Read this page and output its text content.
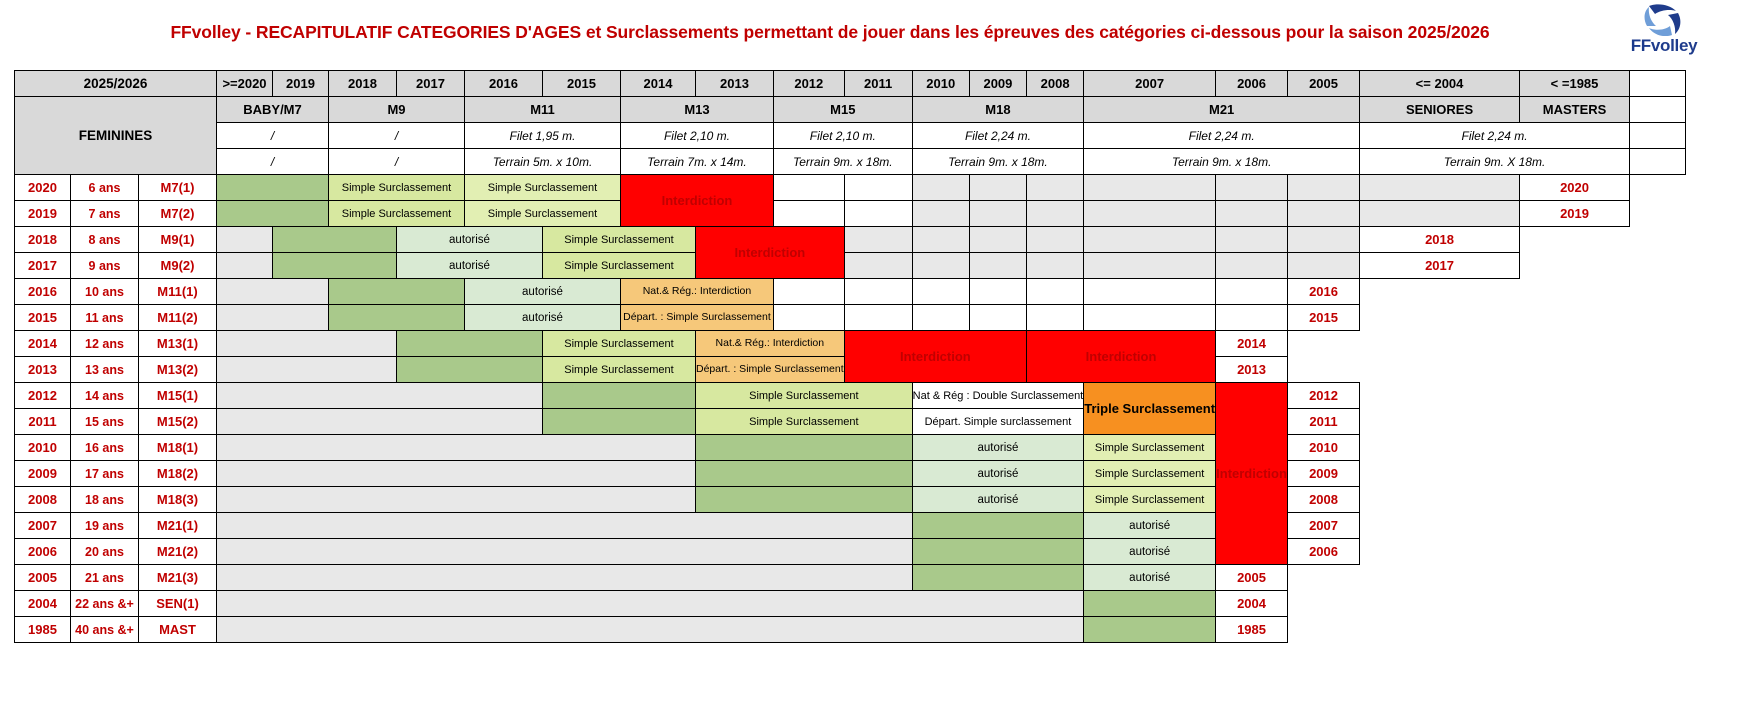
FFvolley - RECAPITULATIF CATEGORIES D'AGES et Surclassements permettant de jouer dans les épreuves des catégories ci-dessous pour la saison 2025/2026
FFvolley
2025/2026			>=2020	2019	2018	2017	2016	2015	2014	2013	2012	2011	2010	2009	2008	2007	2006	2005	<= 2004	< =1985	
FEMININES			BABY/M7		M9		M11		M13		M15		M18			M21			SENIORES	MASTERS	
			/		/		Filet 1,95 m.		Filet 2,10 m.		Filet 2,10 m.		Filet 2,24 m.			Filet 2,24 m.			Filet 2,24 m.		
			/		/		Terrain 5m. x 10m.		Terrain 7m. x 14m.		Terrain 9m. x 18m.		Terrain 9m. x 18m.			Terrain 9m. x 18m.			Terrain 9m. X 18m.		
2020	6 ans	M7(1)			Simple Surclassement		Simple Surclassement		Interdiction											2020	
2019	7 ans	M7(2)			Simple Surclassement		Simple Surclassement													2019	
2018	8 ans	M9(1)				autorisé		Simple Surclassement		Interdiction									2018		
2017	9 ans	M9(2)				autorisé		Simple Surclassement											2017		
2016	10 ans	M11(1)					autorisé		Nat.& Rég.: Interdiction									2016			
2015	11 ans	M11(2)					autorisé		Départ. : Simple Surclassement									2015			
2014	12 ans	M13(1)						Simple Surclassement		Nat.& Rég.: Interdiction		Interdiction			Interdiction		2014				
2013	13 ans	M13(2)						Simple Surclassement		Départ. : Simple Surclassement							2013				
2012	14 ans	M15(1)								Simple Surclassement			Nat & Rég : Double Surclassement			Triple Surclassement	Interdiction	2012			
2011	15 ans	M15(2)								Simple Surclassement			Départ. Simple surclassement					2011			
2010	16 ans	M18(1)											autorisé			Simple Surclassement		2010			
2009	17 ans	M18(2)											autorisé			Simple Surclassement		2009			
2008	18 ans	M18(3)											autorisé			Simple Surclassement		2008			
2007	19 ans	M21(1)														autorisé		2007			
2006	20 ans	M21(2)														autorisé		2006			
2005	21 ans	M21(3)														autorisé	2005				
2004	22 ans &+	SEN(1)															2004				
1985	40 ans &+	MAST															1985				
